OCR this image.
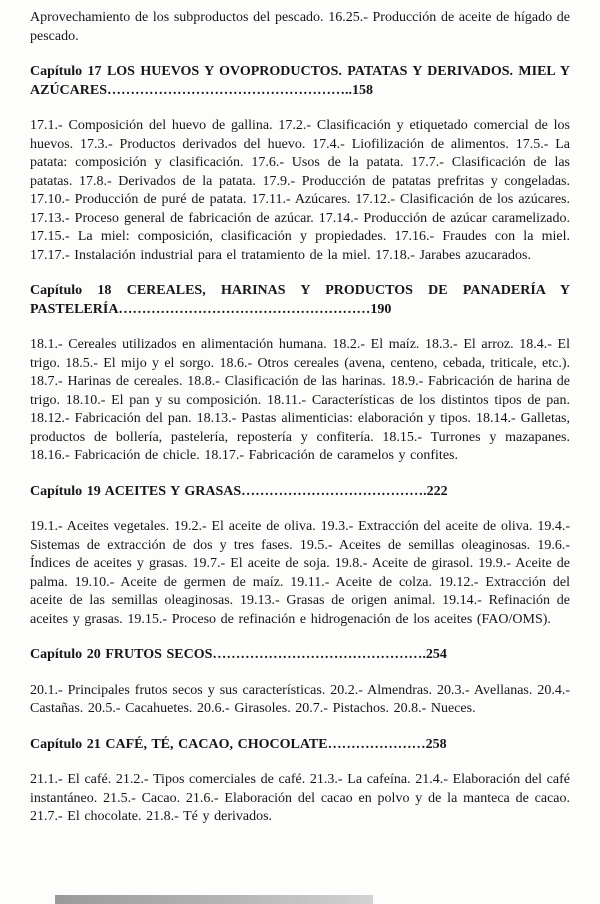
Aprovechamiento de los subproductos del pescado. 16.25.- Producción de aceite de hígado de pescado.

Capítulo 17 LOS HUEVOS Y OVOPRODUCTOS. PATATAS Y DERIVADOS. MIEL Y AZÚCARES……………………………………………..158

17.1.- Composición del huevo de gallina. 17.2.- Clasificación y etiquetado comercial de los huevos. 17.3.- Productos derivados del huevo. 17.4.- Liofilización de alimentos. 17.5.- La patata: composición y clasificación. 17.6.- Usos de la patata. 17.7.- Clasificación de las patatas. 17.8.- Derivados de la patata. 17.9.- Producción de patatas prefritas y congeladas. 17.10.- Producción de puré de patata. 17.11.- Azúcares. 17.12.- Clasificación de los azúcares. 17.13.- Proceso general de fabricación de azúcar. 17.14.- Producción de azúcar caramelizado. 17.15.- La miel: composición, clasificación y propiedades. 17.16.- Fraudes con la miel. 17.17.- Instalación industrial para el tratamiento de la miel. 17.18.- Jarabes azucarados.

Capítulo 18 CEREALES, HARINAS Y PRODUCTOS DE PANADERÍA Y PASTELERÍA………………………………………………190

18.1.- Cereales utilizados en alimentación humana. 18.2.- El maíz. 18.3.- El arroz. 18.4.- El trigo. 18.5.- El mijo y el sorgo. 18.6.- Otros cereales (avena, centeno, cebada, triticale, etc.). 18.7.- Harinas de cereales. 18.8.- Clasificación de las harinas. 18.9.- Fabricación de harina de trigo. 18.10.- El pan y su composición. 18.11.- Características de los distintos tipos de pan. 18.12.- Fabricación del pan. 18.13.- Pastas alimenticias: elaboración y tipos. 18.14.- Galletas, productos de bollería, pastelería, repostería y confitería. 18.15.- Turrones y mazapanes. 18.16.- Fabricación de chicle. 18.17.- Fabricación de caramelos y confites.

Capítulo 19 ACEITES Y GRASAS………………………………….222

19.1.- Aceites vegetales. 19.2.- El aceite de oliva. 19.3.- Extracción del aceite de oliva. 19.4.- Sistemas de extracción de dos y tres fases. 19.5.- Aceites de semillas oleaginosas. 19.6.- Índices de aceites y grasas. 19.7.- El aceite de soja. 19.8.- Aceite de girasol. 19.9.- Aceite de palma. 19.10.- Aceite de germen de maíz. 19.11.- Aceite de colza. 19.12.- Extracción del aceite de las semillas oleaginosas. 19.13.- Grasas de origen animal. 19.14.- Refinación de aceites y grasas. 19.15.- Proceso de refinación e hidrogenación de los aceites (FAO/OMS).

Capítulo 20 FRUTOS SECOS……………………………………….254

20.1.- Principales frutos secos y sus características. 20.2.- Almendras. 20.3.- Avellanas. 20.4.- Castañas. 20.5.- Cacahuetes. 20.6.- Girasoles. 20.7.- Pistachos. 20.8.- Nueces.

Capítulo 21 CAFÉ, TÉ, CACAO, CHOCOLATE…………………258

21.1.- El café. 21.2.- Tipos comerciales de café. 21.3.- La cafeína. 21.4.- Elaboración del café instantáneo. 21.5.- Cacao. 21.6.- Elaboración del cacao en polvo y de la manteca de cacao. 21.7.- El chocolate. 21.8.- Té y derivados.
